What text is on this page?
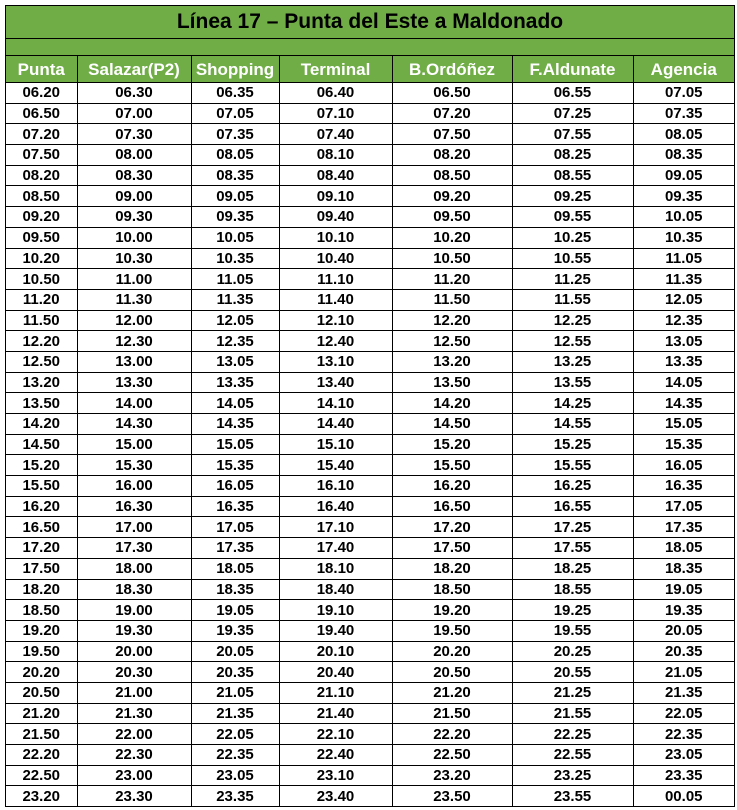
Línea 17 – Punta del Este a Maldonado
Punta	Salazar(P2)	Shopping	Terminal	B.Ordóñez	F.Aldunate	Agencia
06.20	06.30	06.35	06.40	06.50	06.55	07.05
06.50	07.00	07.05	07.10	07.20	07.25	07.35
07.20	07.30	07.35	07.40	07.50	07.55	08.05
07.50	08.00	08.05	08.10	08.20	08.25	08.35
08.20	08.30	08.35	08.40	08.50	08.55	09.05
08.50	09.00	09.05	09.10	09.20	09.25	09.35
09.20	09.30	09.35	09.40	09.50	09.55	10.05
09.50	10.00	10.05	10.10	10.20	10.25	10.35
10.20	10.30	10.35	10.40	10.50	10.55	11.05
10.50	11.00	11.05	11.10	11.20	11.25	11.35
11.20	11.30	11.35	11.40	11.50	11.55	12.05
11.50	12.00	12.05	12.10	12.20	12.25	12.35
12.20	12.30	12.35	12.40	12.50	12.55	13.05
12.50	13.00	13.05	13.10	13.20	13.25	13.35
13.20	13.30	13.35	13.40	13.50	13.55	14.05
13.50	14.00	14.05	14.10	14.20	14.25	14.35
14.20	14.30	14.35	14.40	14.50	14.55	15.05
14.50	15.00	15.05	15.10	15.20	15.25	15.35
15.20	15.30	15.35	15.40	15.50	15.55	16.05
15.50	16.00	16.05	16.10	16.20	16.25	16.35
16.20	16.30	16.35	16.40	16.50	16.55	17.05
16.50	17.00	17.05	17.10	17.20	17.25	17.35
17.20	17.30	17.35	17.40	17.50	17.55	18.05
17.50	18.00	18.05	18.10	18.20	18.25	18.35
18.20	18.30	18.35	18.40	18.50	18.55	19.05
18.50	19.00	19.05	19.10	19.20	19.25	19.35
19.20	19.30	19.35	19.40	19.50	19.55	20.05
19.50	20.00	20.05	20.10	20.20	20.25	20.35
20.20	20.30	20.35	20.40	20.50	20.55	21.05
20.50	21.00	21.05	21.10	21.20	21.25	21.35
21.20	21.30	21.35	21.40	21.50	21.55	22.05
21.50	22.00	22.05	22.10	22.20	22.25	22.35
22.20	22.30	22.35	22.40	22.50	22.55	23.05
22.50	23.00	23.05	23.10	23.20	23.25	23.35
23.20	23.30	23.35	23.40	23.50	23.55	00.05
